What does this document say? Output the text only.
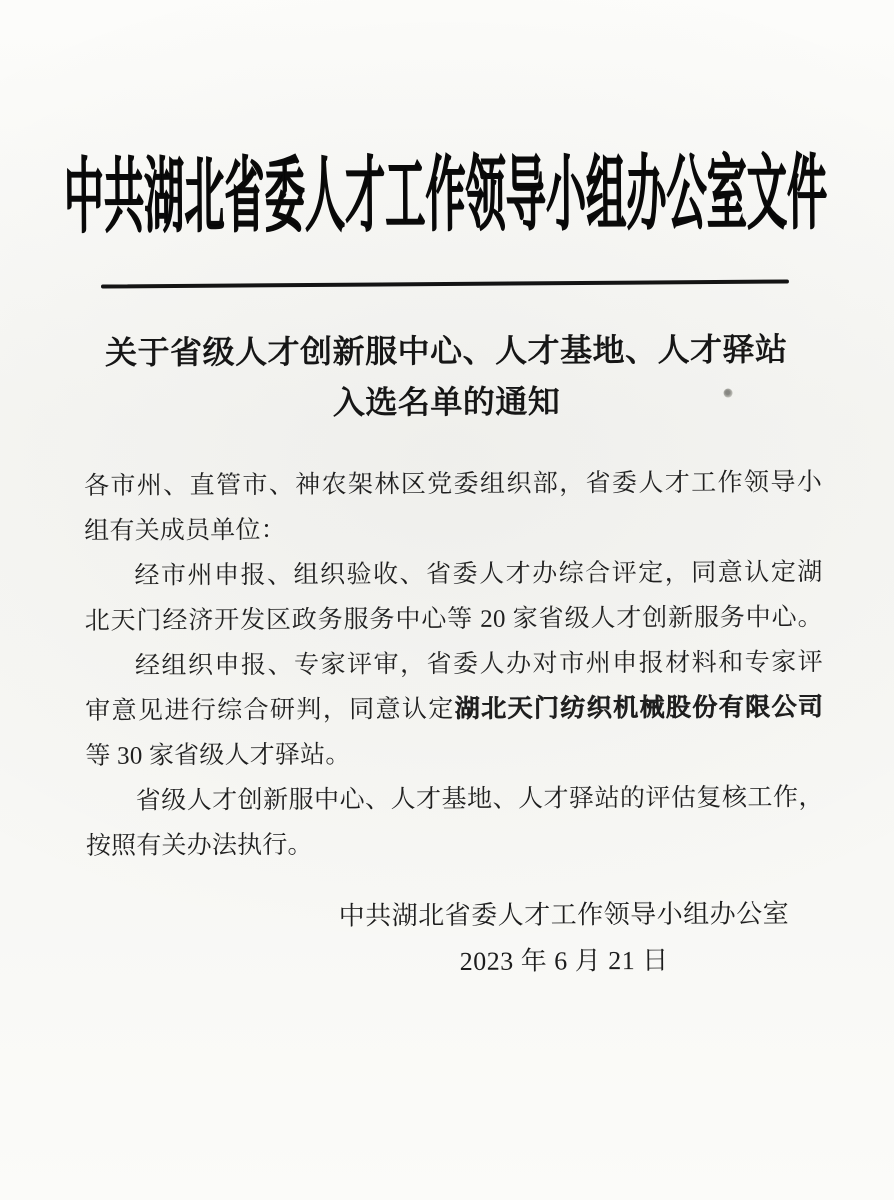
中共湖北省委人才工作领导小组办公室文件
关于省级人才创新服中心、人才基地、人才驿站
入选名单的通知
各市州、直管市、神农架林区党委组织部，省委人才工作领导小
组有关成员单位：
经市州申报、组织验收、省委人才办综合评定，同意认定湖
北天门经济开发区政务服务中心等 20 家省级人才创新服务中心。
经组织申报、专家评审，省委人办对市州申报材料和专家评
审意见进行综合研判，同意认定湖北天门纺织机械股份有限公司
等 30 家省级人才驿站。
省级人才创新服中心、人才基地、人才驿站的评估复核工作，
按照有关办法执行。
中共湖北省委人才工作领导小组办公室
2023 年 6 月 21 日
